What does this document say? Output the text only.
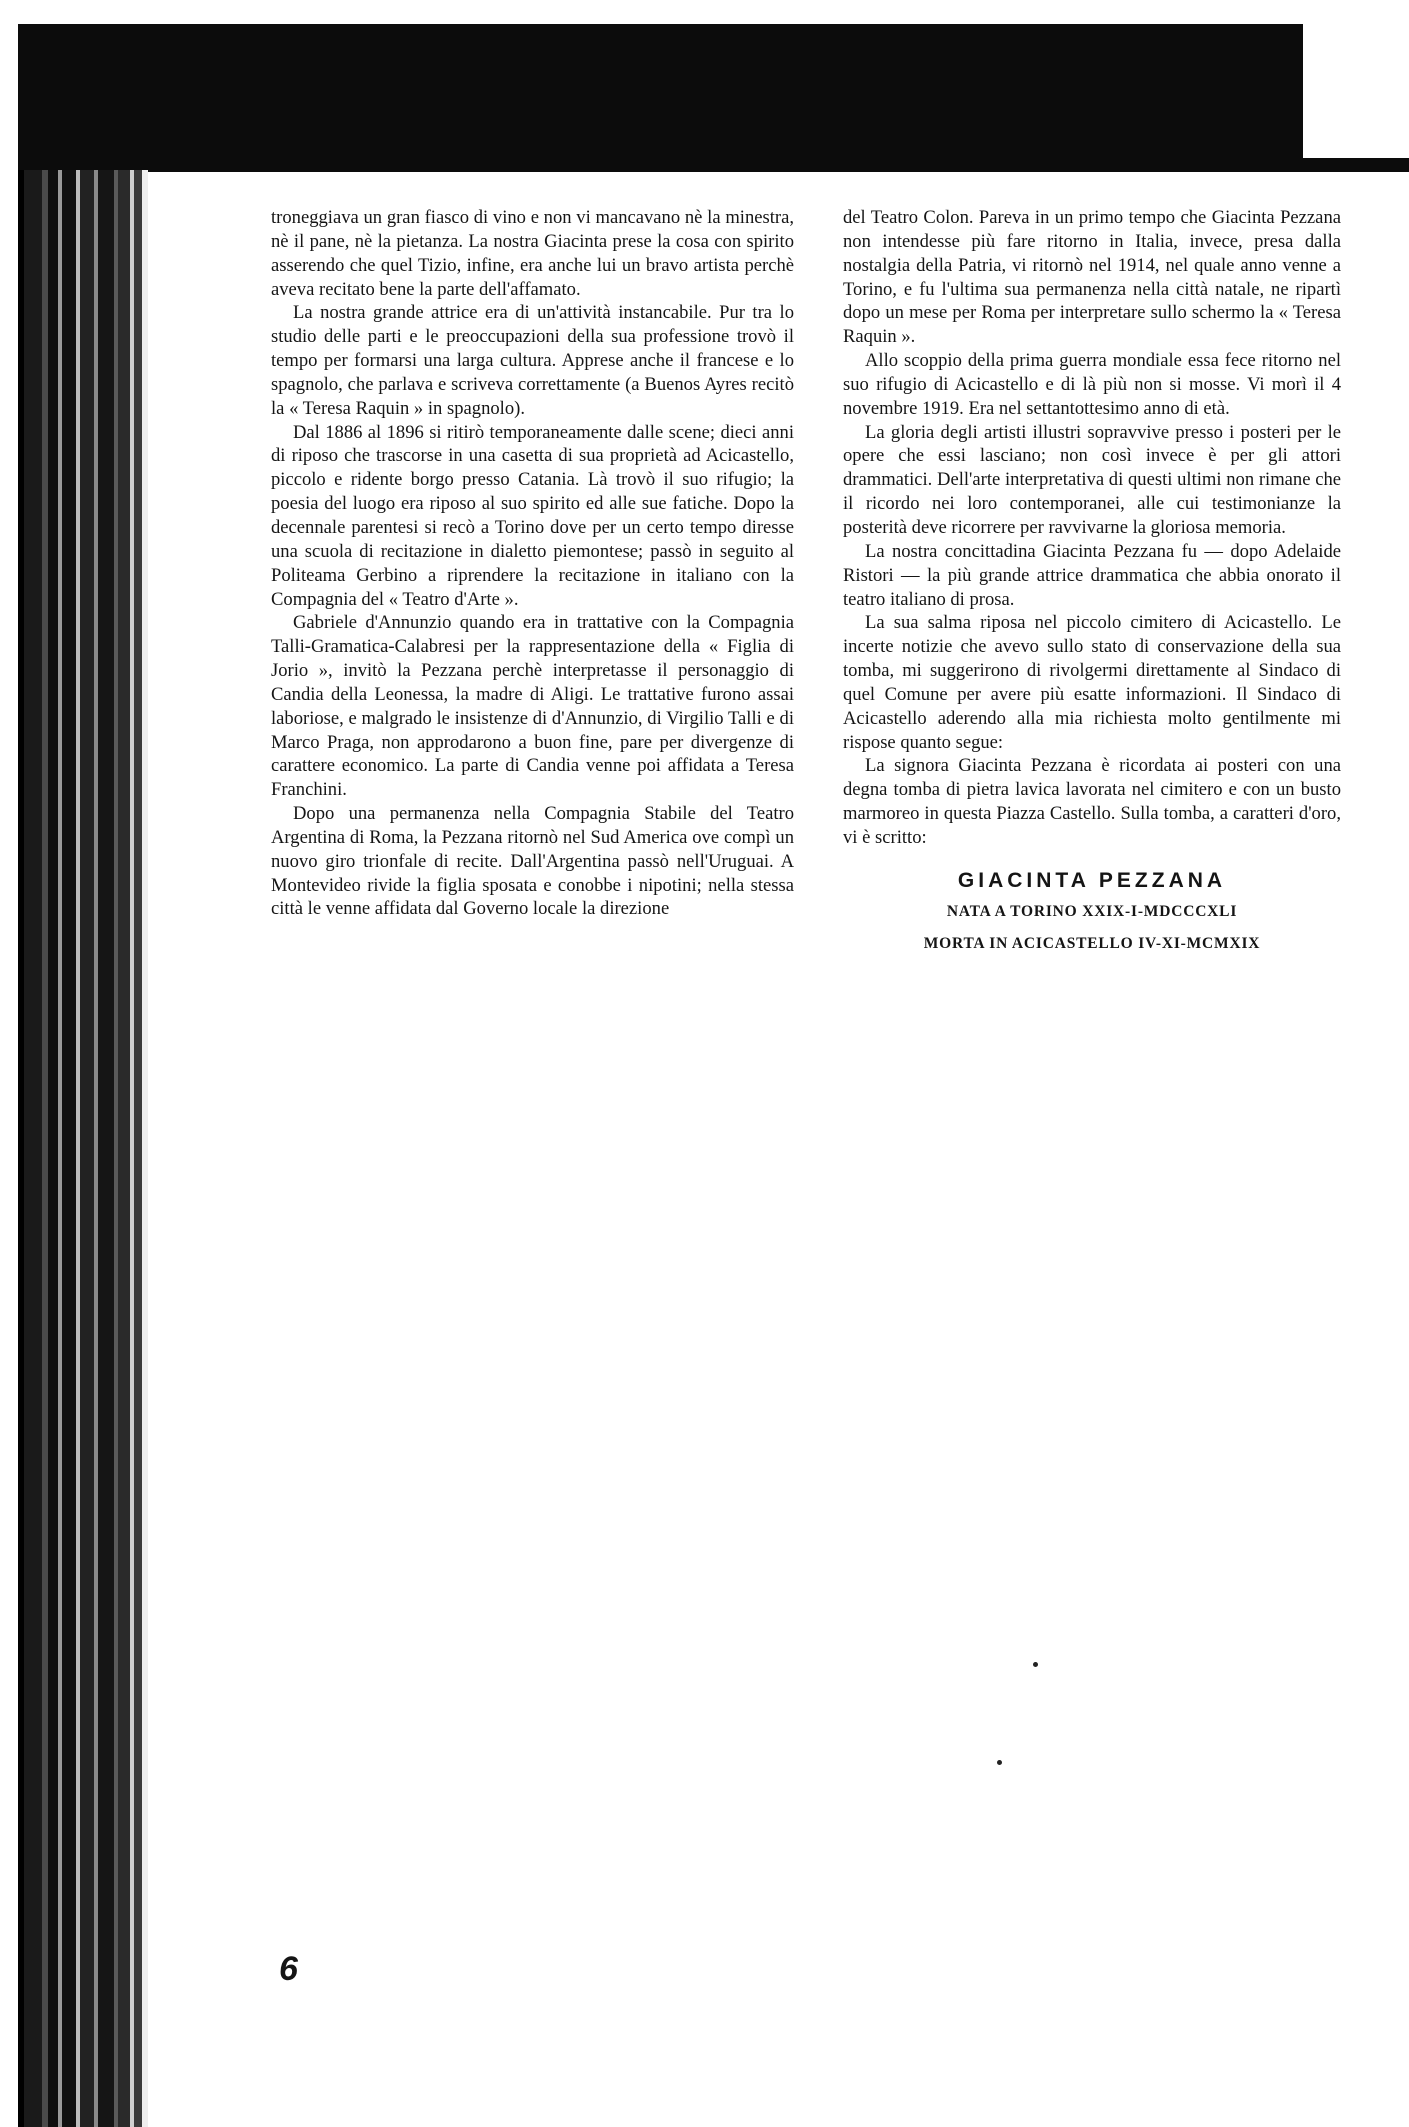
troneggiava un gran fiasco di vino e non vi mancavano nè la minestra, nè il pane, nè la pietanza. La nostra Giacinta prese la cosa con spirito asserendo che quel Tizio, infine, era anche lui un bravo artista perchè aveva recitato bene la parte dell'affamato.

La nostra grande attrice era di un'attività instancabile. Pur tra lo studio delle parti e le preoccupazioni della sua professione trovò il tempo per formarsi una larga cultura. Apprese anche il francese e lo spagnolo, che parlava e scriveva correttamente (a Buenos Ayres recitò la « Teresa Raquin » in spagnolo).

Dal 1886 al 1896 si ritirò temporaneamente dalle scene; dieci anni di riposo che trascorse in una casetta di sua proprietà ad Acicastello, piccolo e ridente borgo presso Catania. Là trovò il suo rifugio; la poesia del luogo era riposo al suo spirito ed alle sue fatiche. Dopo la decennale parentesi si recò a Torino dove per un certo tempo diresse una scuola di recitazione in dialetto piemontese; passò in seguito al Politeama Gerbino a riprendere la recitazione in italiano con la Compagnia del « Teatro d'Arte ».

Gabriele d'Annunzio quando era in trattative con la Compagnia Talli-Gramatica-Calabresi per la rappresentazione della « Figlia di Jorio », invitò la Pezzana perchè interpretasse il personaggio di Candia della Leonessa, la madre di Aligi. Le trattative furono assai laboriose, e malgrado le insistenze di d'Annunzio, di Virgilio Talli e di Marco Praga, non approdarono a buon fine, pare per divergenze di carattere economico. La parte di Candia venne poi affidata a Teresa Franchini.

Dopo una permanenza nella Compagnia Stabile del Teatro Argentina di Roma, la Pezzana ritornò nel Sud America ove compì un nuovo giro trionfale di recite. Dall'Argentina passò nell'Uruguai. A Montevideo rivide la figlia sposata e conobbe i nipotini; nella stessa città le venne affidata dal Governo locale la direzione

del Teatro Colon. Pareva in un primo tempo che Giacinta Pezzana non intendesse più fare ritorno in Italia, invece, presa dalla nostalgia della Patria, vi ritornò nel 1914, nel quale anno venne a Torino, e fu l'ultima sua permanenza nella città natale, ne ripartì dopo un mese per Roma per interpretare sullo schermo la « Teresa Raquin ».

Allo scoppio della prima guerra mondiale essa fece ritorno nel suo rifugio di Acicastello e di là più non si mosse. Vi morì il 4 novembre 1919. Era nel settantottesimo anno di età.

La gloria degli artisti illustri sopravvive presso i posteri per le opere che essi lasciano; non così invece è per gli attori drammatici. Dell'arte interpretativa di questi ultimi non rimane che il ricordo nei loro contemporanei, alle cui testimonianze la posterità deve ricorrere per ravvivarne la gloriosa memoria.

La nostra concittadina Giacinta Pezzana fu — dopo Adelaide Ristori — la più grande attrice drammatica che abbia onorato il teatro italiano di prosa.

La sua salma riposa nel piccolo cimitero di Acicastello. Le incerte notizie che avevo sullo stato di conservazione della sua tomba, mi suggerirono di rivolgermi direttamente al Sindaco di quel Comune per avere più esatte informazioni. Il Sindaco di Acicastello aderendo alla mia richiesta molto gentilmente mi rispose quanto segue:

La signora Giacinta Pezzana è ricordata ai posteri con una degna tomba di pietra lavica lavorata nel cimitero e con un busto marmoreo in questa Piazza Castello. Sulla tomba, a caratteri d'oro, vi è scritto:

GIACINTA PEZZANA
NATA A TORINO XXIX-I-MDCCCXLI
MORTA IN ACICASTELLO IV-XI-MCMXIX
6
